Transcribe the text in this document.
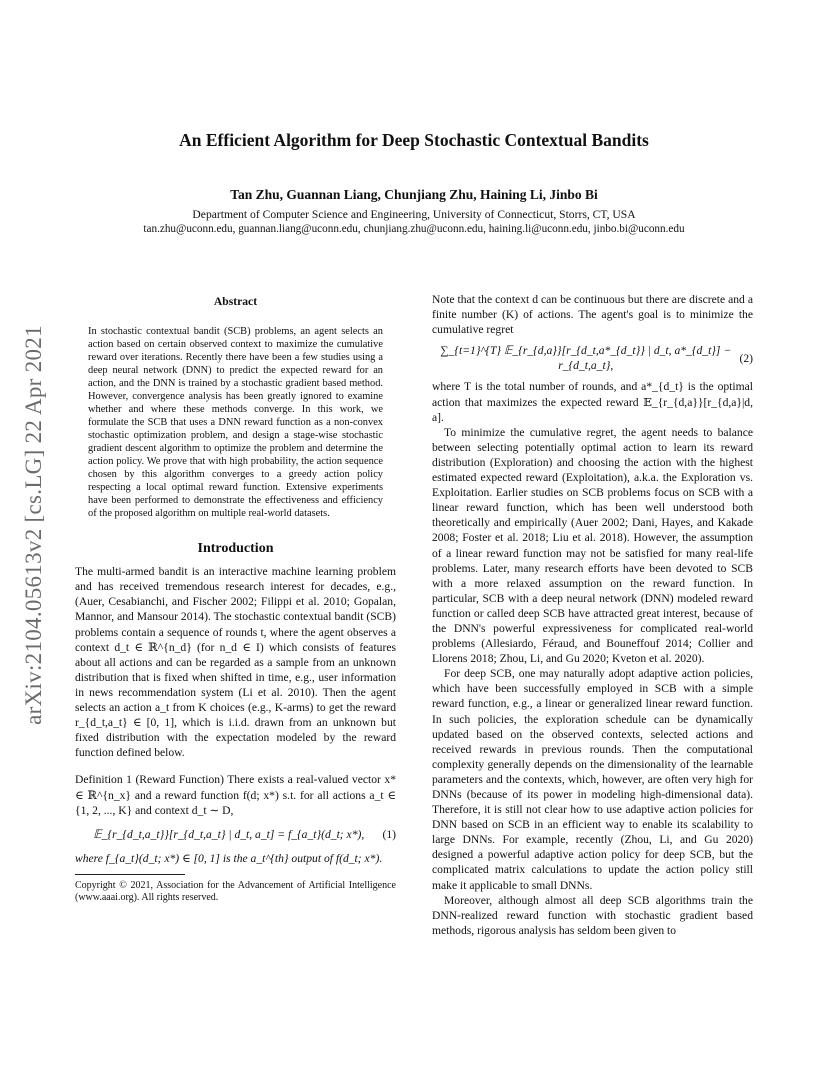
arXiv:2104.05613v2 [cs.LG] 22 Apr 2021
An Efficient Algorithm for Deep Stochastic Contextual Bandits
Tan Zhu, Guannan Liang, Chunjiang Zhu, Haining Li, Jinbo Bi
Department of Computer Science and Engineering, University of Connecticut, Storrs, CT, USA
tan.zhu@uconn.edu, guannan.liang@uconn.edu, chunjiang.zhu@uconn.edu, haining.li@uconn.edu, jinbo.bi@uconn.edu
Abstract

In stochastic contextual bandit (SCB) problems, an agent selects an action based on certain observed context to maximize the cumulative reward over iterations. Recently there have been a few studies using a deep neural network (DNN) to predict the expected reward for an action, and the DNN is trained by a stochastic gradient based method. However, convergence analysis has been greatly ignored to examine whether and where these methods converge. In this work, we formulate the SCB that uses a DNN reward function as a non-convex stochastic optimization problem, and design a stage-wise stochastic gradient descent algorithm to optimize the problem and determine the action policy. We prove that with high probability, the action sequence chosen by this algorithm converges to a greedy action policy respecting a local optimal reward function. Extensive experiments have been performed to demonstrate the effectiveness and efficiency of the proposed algorithm on multiple real-world datasets.

Introduction

The multi-armed bandit is an interactive machine learning problem and has received tremendous research interest for decades, e.g., (Auer, Cesabianchi, and Fischer 2002; Filippi et al. 2010; Gopalan, Mannor, and Mansour 2014). The stochastic contextual bandit (SCB) problems contain a sequence of rounds t, where the agent observes a context d_t ∈ ℝ^{n_d} (for n_d ∈ I) which consists of features about all actions and can be regarded as a sample from an unknown distribution that is fixed when shifted in time, e.g., user information in news recommendation system (Li et al. 2010). Then the agent selects an action a_t from K choices (e.g., K-arms) to get the reward r_{d_t,a_t} ∈ [0, 1], which is i.i.d. drawn from an unknown but fixed distribution with the expectation modeled by the reward function defined below.

Definition 1 (Reward Function) There exists a real-valued vector x* ∈ ℝ^{n_x} and a reward function f(d; x*) s.t. for all actions a_t ∈ {1, 2, ..., K} and context d_t ∼ D,

𝔼_{r_{d_t,a_t}}[r_{d_t,a_t} | d_t, a_t] = f_{a_t}(d_t; x*),	(1)

where f_{a_t}(d_t; x*) ∈ [0, 1] is the a_t^{th} output of f(d_t; x*).

Copyright © 2021, Association for the Advancement of Artificial Intelligence (www.aaai.org). All rights reserved.

Note that the context d can be continuous but there are discrete and a finite number (K) of actions. The agent's goal is to minimize the cumulative regret

∑_{t=1}^{T} 𝔼_{r_{d,a}}[r_{d_t,a*_{d_t}} | d_t, a*_{d_t}] − r_{d_t,a_t},
(2)

where T is the total number of rounds, and a*_{d_t} is the optimal action that maximizes the expected reward 𝔼_{r_{d,a}}[r_{d,a}|d, a].

To minimize the cumulative regret, the agent needs to balance between selecting potentially optimal action to learn its reward distribution (Exploration) and choosing the action with the highest estimated expected reward (Exploitation), a.k.a. the Exploration vs. Exploitation. Earlier studies on SCB problems focus on SCB with a linear reward function, which has been well understood both theoretically and empirically (Auer 2002; Dani, Hayes, and Kakade 2008; Foster et al. 2018; Liu et al. 2018). However, the assumption of a linear reward function may not be satisfied for many real-life problems. Later, many research efforts have been devoted to SCB with a more relaxed assumption on the reward function. In particular, SCB with a deep neural network (DNN) modeled reward function or called deep SCB have attracted great interest, because of the DNN's powerful expressiveness for complicated real-world problems (Allesiardo, Féraud, and Bouneffouf 2014; Collier and Llorens 2018; Zhou, Li, and Gu 2020; Kveton et al. 2020).

For deep SCB, one may naturally adopt adaptive action policies, which have been successfully employed in SCB with a simple reward function, e.g., a linear or generalized linear reward function. In such policies, the exploration schedule can be dynamically updated based on the observed contexts, selected actions and received rewards in previous rounds. Then the computational complexity generally depends on the dimensionality of the learnable parameters and the contexts, which, however, are often very high for DNNs (because of its power in modeling high-dimensional data). Therefore, it is still not clear how to use adaptive action policies for DNN based on SCB in an efficient way to enable its scalability to large DNNs. For example, recently (Zhou, Li, and Gu 2020) designed a powerful adaptive action policy for deep SCB, but the complicated matrix calculations to update the action policy still make it applicable to small DNNs.

Moreover, although almost all deep SCB algorithms train the DNN-realized reward function with stochastic gradient based methods, rigorous analysis has seldom been given to
